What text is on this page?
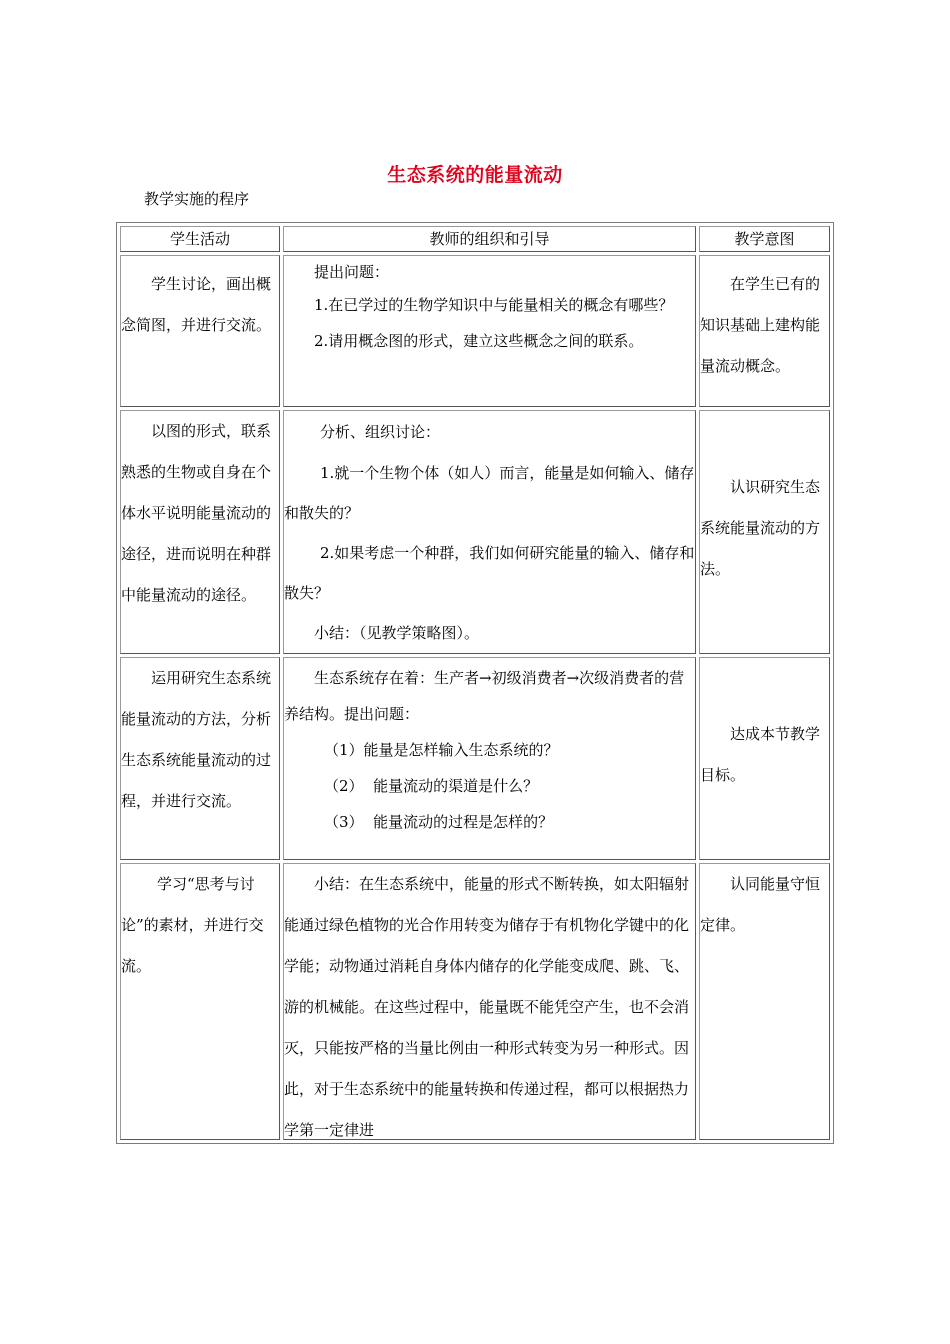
生态系统的能量流动
教学实施的程序
学生活动	教师的组织和引导	教学意图

学生讨论，画出概念简图，并进行交流。

提出问题：

1.在已学过的生物学知识中与能量相关的概念有哪些？

2.请用概念图的形式，建立这些概念之间的联系。

在学生已有的知识基础上建构能量流动概念。

以图的形式，联系熟悉的生物或自身在个体水平说明能量流动的途径，进而说明在种群中能量流动的途径。

分析、组织讨论：

1.就一个生物个体（如人）而言，能量是如何输入、储存和散失的？

2.如果考虑一个种群，我们如何研究能量的输入、储存和散失？

小结：（见教学策略图）。

认识研究生态系统能量流动的方法。

运用研究生态系统能量流动的方法，分析生态系统能量流动的过程，并进行交流。

生态系统存在着：生产者→初级消费者→次级消费者的营养结构。提出问题：

（1）能量是怎样输入生态系统的？

（2）  能量流动的渠道是什么？

（3）  能量流动的过程是怎样的？

达成本节教学目标。

学习“思考与讨论”的素材，并进行交流。

小结：在生态系统中，能量的形式不断转换，如太阳辐射能通过绿色植物的光合作用转变为储存于有机物化学键中的化学能；动物通过消耗自身体内储存的化学能变成爬、跳、飞、游的机械能。在这些过程中，能量既不能凭空产生，也不会消灭，只能按严格的当量比例由一种形式转变为另一种形式。因此，对于生态系统中的能量转换和传递过程，都可以根据热力学第一定律进

认同能量守恒定律。
